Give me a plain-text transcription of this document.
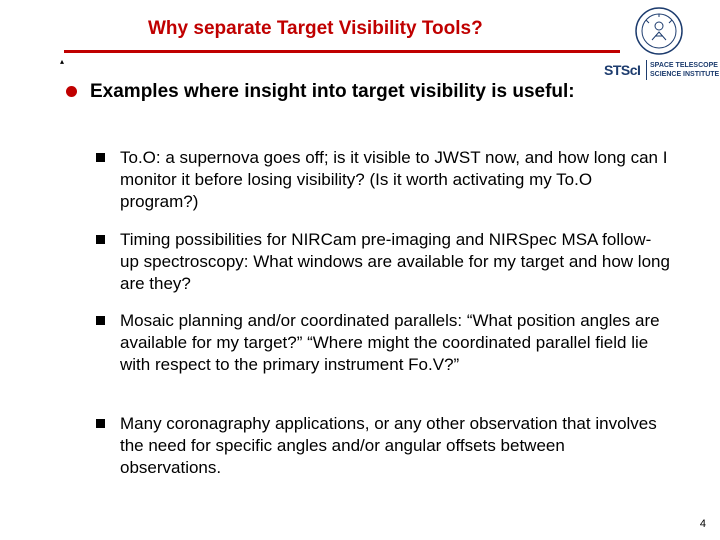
Why separate Target Visibility Tools?
▴
STScI	SPACE TELESCOPE
SCIENCE INSTITUTE
Examples where insight into target visibility is useful:
To.O: a supernova goes off; is it visible to JWST now, and how long can I monitor it before losing visibility? (Is it worth activating my To.O program?)
Timing possibilities for NIRCam pre-imaging and NIRSpec MSA follow-up spectroscopy: What windows are available for my target and how long are they?
Mosaic planning and/or coordinated parallels: “What position angles are available for my target?” “Where might the coordinated parallel field lie with respect to the primary instrument Fo.V?”
Many coronagraphy applications, or any other observation that involves the need for specific angles and/or angular offsets between observations.
4
